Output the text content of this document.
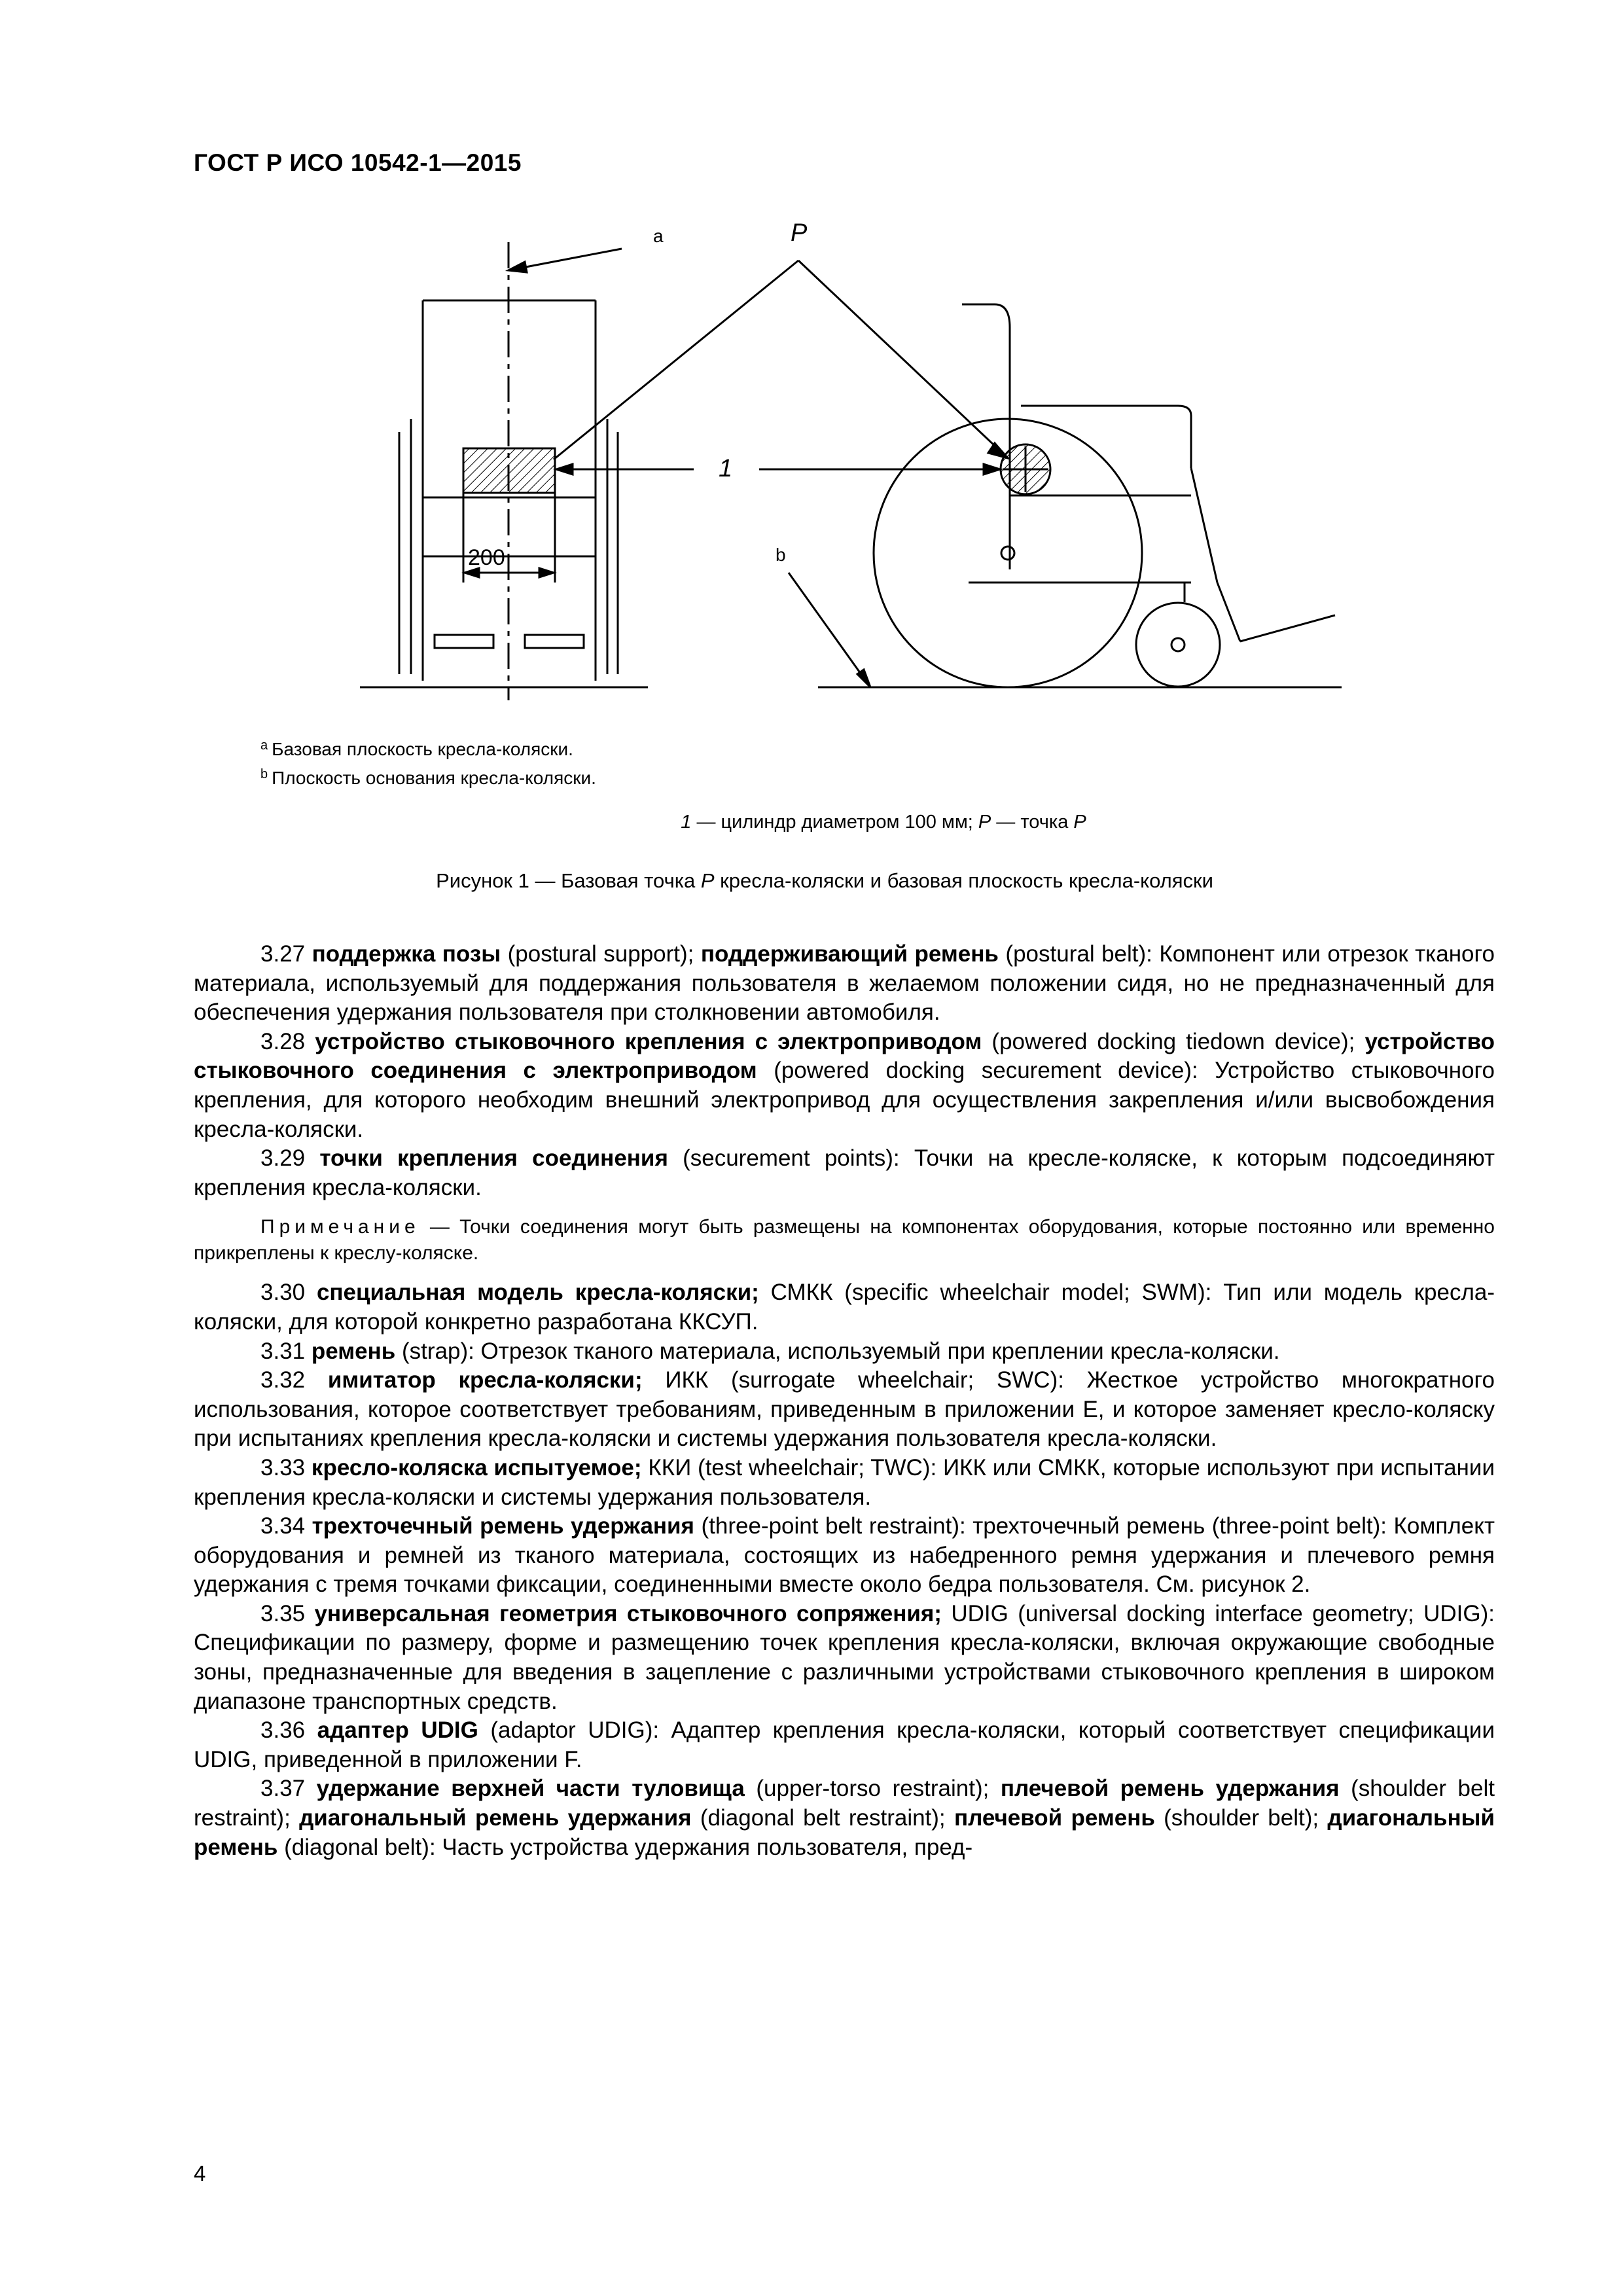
ГОСТ Р ИСО 10542-1—2015
a
200
P
1
b
$^a$ Базовая плоскость кресла-коляски.
$^b$ Плоскость основания кресла-коляски.
1 — цилиндр диаметром 100 мм; P — точка P
Рисунок 1 — Базовая точка P кресла-коляски и базовая плоскость кресла-коляски

3.27 поддержка позы (postural support); поддерживающий ремень (postural belt): Компонент или отрезок тканого материала, используемый для поддержания пользователя в желаемом положении сидя, но не предназначенный для обеспечения удержания пользователя при столкновении автомобиля.

3.28 устройство стыковочного крепления с электроприводом (powered docking tiedown device); устройство стыковочного соединения с электроприводом (powered docking securement device): Устройство стыковочного крепления, для которого необходим внешний электропривод для осуществления закрепления и/или высвобождения кресла-коляски.

3.29 точки крепления соединения (securement points): Точки на кресле-коляске, к которым подсоединяют крепления кресла-коляски.

Примечание — Точки соединения могут быть размещены на компонентах оборудования, которые постоянно или временно прикреплены к креслу-коляске.

3.30 специальная модель кресла-коляски; СМКК (specific wheelchair model; SWM): Тип или модель кресла-коляски, для которой конкретно разработана ККСУП.

3.31 ремень (strap): Отрезок тканого материала, используемый при креплении кресла-коляски.

3.32 имитатор кресла-коляски; ИКК (surrogate wheelchair; SWC): Жесткое устройство многократного использования, которое соответствует требованиям, приведенным в приложении E, и которое заменяет кресло-коляску при испытаниях крепления кресла-коляски и системы удержания пользователя кресла-коляски.

3.33 кресло-коляска испытуемое; ККИ (test wheelchair; TWC): ИКК или СМКК, которые используют при испытании крепления кресла-коляски и системы удержания пользователя.

3.34 трехточечный ремень удержания (three-point belt restraint): трехточечный ремень (three-point belt): Комплект оборудования и ремней из тканого материала, состоящих из набедренного ремня удержания и плечевого ремня удержания с тремя точками фиксации, соединенными вместе около бедра пользователя. См. рисунок 2.

3.35 универсальная геометрия стыковочного сопряжения; UDIG (universal docking interface geometry; UDIG): Спецификации по размеру, форме и размещению точек крепления кресла-коляски, включая окружающие свободные зоны, предназначенные для введения в зацепление с различными устройствами стыковочного крепления в широком диапазоне транспортных средств.

3.36 адаптер UDIG (adaptor UDIG): Адаптер крепления кресла-коляски, который соответствует спецификации UDIG, приведенной в приложении F.

3.37 удержание верхней части туловища (upper-torso restraint); плечевой ремень удержания (shoulder belt restraint); диагональный ремень удержания (diagonal belt restraint); плечевой ремень (shoulder belt); диагональный ремень (diagonal belt): Часть устройства удержания пользователя, пред-

4
